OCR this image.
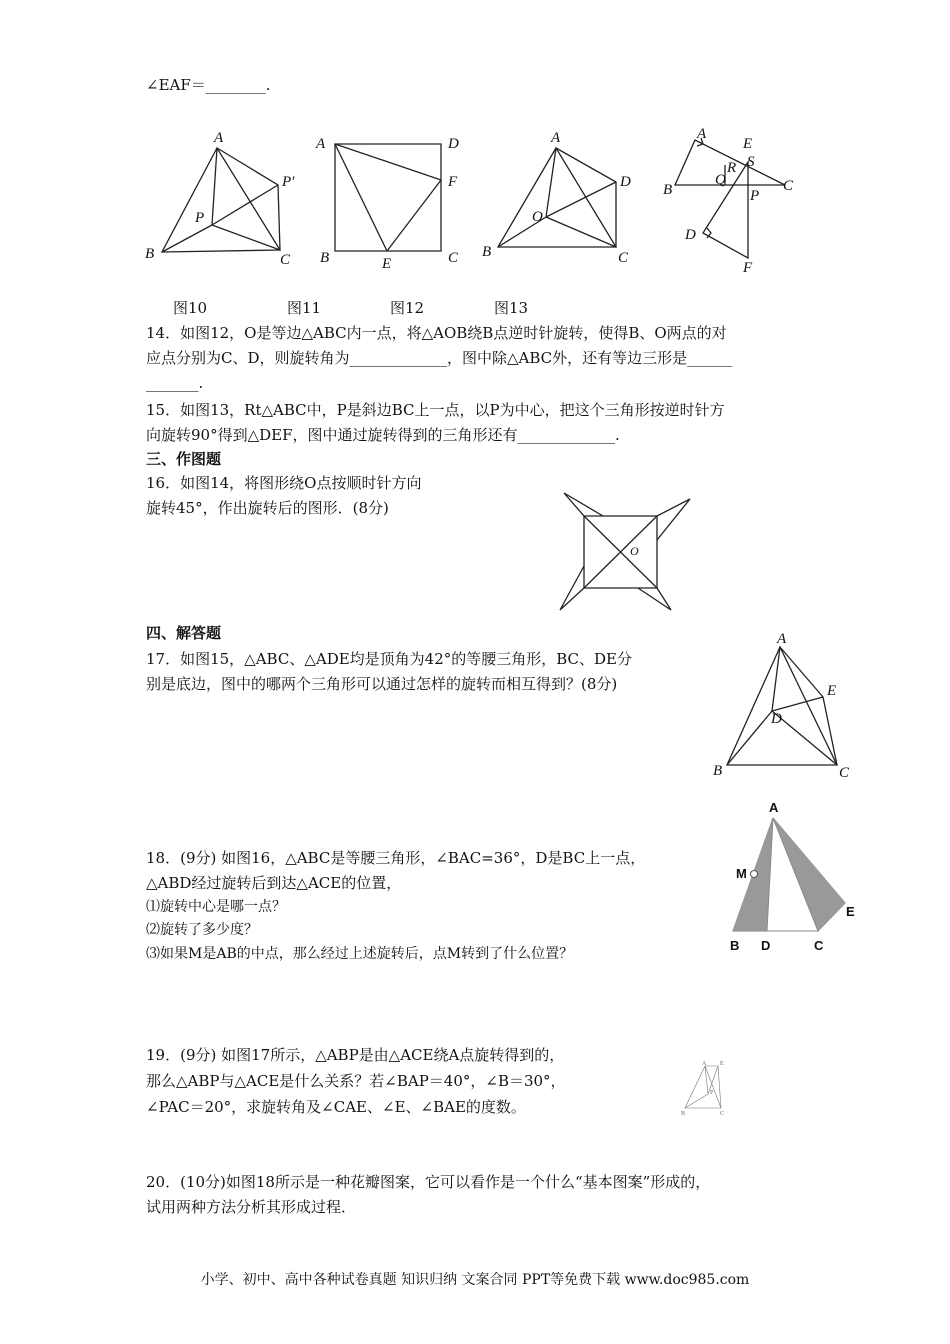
∠EAF＝________.
A
B	C
P
P′
A	D
F
B	E	C
A
B	C
D
O
A
E
R S
Q
B	P
C
D
F
图10	图11	图12	图13
14．如图12，O是等边△ABC内一点，将△AOB绕B点逆时针旋转，使得B、O两点的对
应点分别为C、D，则旋转角为_____________，图中除△ABC外，还有等边三形是______
_______.
15．如图13，Rt△ABC中，P是斜边BC上一点，以P为中心，把这个三角形按逆时针方
向旋转90°得到△DEF，图中通过旋转得到的三角形还有_____________.
三、作图题
16．如图14，将图形绕O点按顺时针方向
旋转45°，作出旋转后的图形．(8分)
O
四、解答题
17．如图15，△ABC、△ADE均是顶角为42°的等腰三角形，BC、DE分
别是底边，图中的哪两个三角形可以通过怎样的旋转而相互得到？(8分)
A
E
D
B	C
A
M
E
B D	C
18．(9分) 如图16，△ABC是等腰三角形，∠BAC=36°，D是BC上一点，
△ABD经过旋转后到达△ACE的位置，
⑴旋转中心是哪一点？
⑵旋转了多少度？
⑶如果M是AB的中点，那么经过上述旋转后，点M转到了什么位置？
19．(9分) 如图17所示，△ABP是由△ACE绕A点旋转得到的，
那么△ABP与△ACE是什么关系？若∠BAP＝40°，∠B＝30°，
∠PAC＝20°，求旋转角及∠CAE、∠E、∠BAE的度数。
A E
P
B	C
20．(10分)如图18所示是一种花瓣图案，它可以看作是一个什么“基本图案”形成的，
试用两种方法分析其形成过程．
小学、初中、高中各种试卷真题 知识归纳 文案合同 PPT等免费下载 www.doc985.com
